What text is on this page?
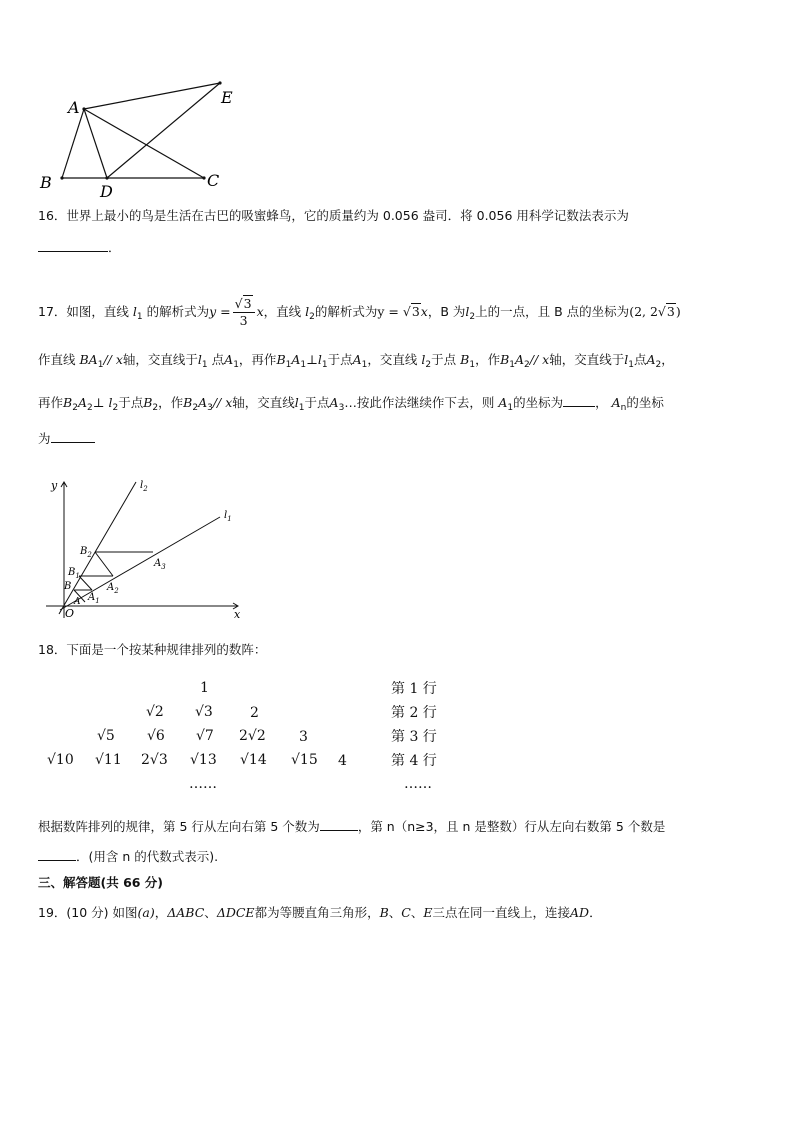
A
B	D
C
E
16．世界上最小的鸟是生活在古巴的吸蜜蜂鸟，它的质量约为 0.056 盎司．将 0.056 用科学记数法表示为
．
17．如图，直线 $l_1$ 的解析式为$y = \frac{√3}{3}$ x，直线 $l_2$的解析式为y = √3x，B 为$l_2$上的一点，且 B 点的坐标为(2, 2√3)
作直线 $BA_1//$ x轴，交直线于$l_1$ 点$A_1$，再作$B_1A_1\perp l_1$于点$A_1$，交直线 $l_2$于点 $B_1$，作$B_1A_2//$ x轴，交直线于$l_1$点$A_2$，
再作$B_2A_2\perp$ $l_2$于点$B_2$，作$B_2A_3//$ x轴，交直线$l_1$于点$A_3\dots$按此作法继续作下去，则 $A_1$的坐标为	， $A_n$的坐标
为
y
x
O
$l_2$
$l_1$
$B_2$
$A_3$
$B_1$
$A_2$
B
A $A_1$
18．下面是一个按某种规律排列的数阵：
1	第 1 行
√2 √3	2	第 2 行
√5 √6 √7 2√2 3	第 3 行
√10 √11 2√3 √13 √14 √15 4	第 4 行
……	……
根据数阵排列的规律，第 5 行从左向右第 5 个数为	，第 n（n≥3，且 n 是整数）行从左向右数第 5 个数是
．(用含 n 的代数式表示).
三、解答题(共 66 分)
19．(10 分) 如图(a)，ΔABC、ΔDCE都为等腰直角三角形，B、C、E三点在同一直线上，连接AD．
